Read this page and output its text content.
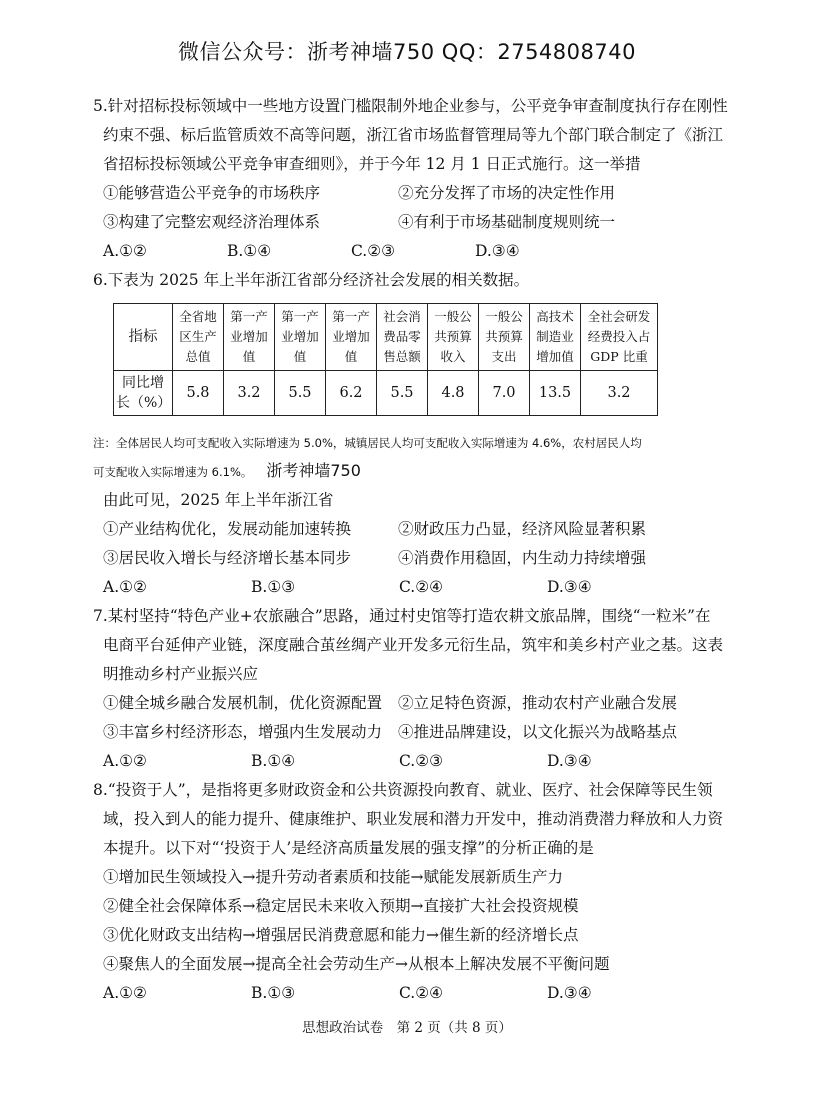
微信公众号：浙考神墙750 QQ：2754808740
5.针对招标投标领域中一些地方设置门槛限制外地企业参与，公平竞争审查制度执行存在刚性
约束不强、标后监管质效不高等问题，浙江省市场监督管理局等九个部门联合制定了《浙江
省招标投标领域公平竞争审查细则》，并于今年 12 月 1 日正式施行。这一举措
①能够营造公平竞争的市场秩序	②充分发挥了市场的决定性作用
③构建了完整宏观经济治理体系	④有利于市场基础制度规则统一
A.①②	B.①④	C.②③	D.③④
6.下表为 2025 年上半年浙江省部分经济社会发展的相关数据。
指标	全省地
区生产
总值	第一产
业增加
值	第一产
业增加
值	第一产
业增加
值	社会消
费品零
售总额	一般公
共预算
收入	一般公
共预算
支出	高技术
制造业
增加值	全社会研发
经费投入占
GDP 比重
同比增
长（%）	5.8	3.2	5.5	6.2	5.5	4.8	7.0	13.5	3.2
注：全体居民人均可支配收入实际增速为 5.0%，城镇居民人均可支配收入实际增速为 4.6%，农村居民人均
可支配收入实际增速为 6.1%。 浙考神墙750
由此可见，2025 年上半年浙江省
①产业结构优化，发展动能加速转换	②财政压力凸显，经济风险显著积累
③居民收入增长与经济增长基本同步	④消费作用稳固，内生动力持续增强
A.①②	B.①③	C.②④	D.③④
7.某村坚持“特色产业+农旅融合”思路，通过村史馆等打造农耕文旅品牌，围绕“一粒米”在
电商平台延伸产业链，深度融合茧丝绸产业开发多元衍生品，筑牢和美乡村产业之基。这表
明推动乡村产业振兴应
①健全城乡融合发展机制，优化资源配置	②立足特色资源，推动农村产业融合发展
③丰富乡村经济形态，增强内生发展动力	④推进品牌建设，以文化振兴为战略基点
A.①②	B.①④	C.②③	D.③④
8.“投资于人”，是指将更多财政资金和公共资源投向教育、就业、医疗、社会保障等民生领
域，投入到人的能力提升、健康维护、职业发展和潜力开发中，推动消费潜力释放和人力资
本提升。以下对“‘投资于人’是经济高质量发展的强支撑”的分析正确的是
①增加民生领域投入→提升劳动者素质和技能→赋能发展新质生产力
②健全社会保障体系→稳定居民未来收入预期→直接扩大社会投资规模
③优化财政支出结构→增强居民消费意愿和能力→催生新的经济增长点
④聚焦人的全面发展→提高全社会劳动生产→从根本上解决发展不平衡问题
A.①②	B.①③	C.②④	D.③④
思想政治试卷　第 2 页（共 8 页）
